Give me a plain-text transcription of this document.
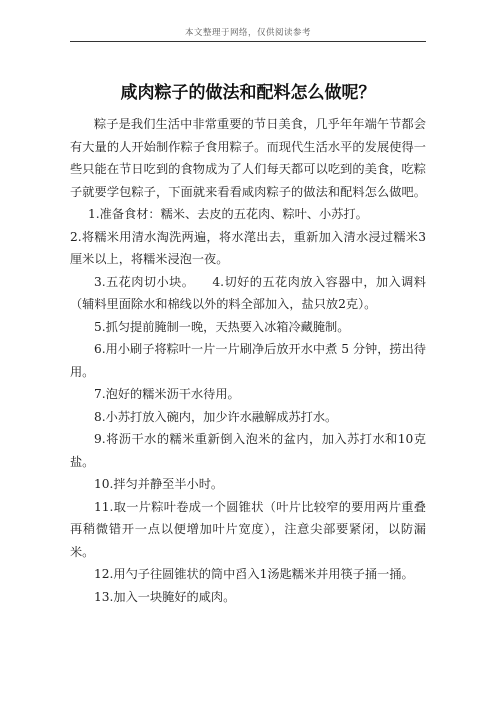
本文整理于网络，仅供阅读参考
咸肉粽子的做法和配料怎么做呢？

粽子是我们生活中非常重要的节日美食，几乎年年端午节都会有大量的人开始制作粽子食用粽子。而现代生活水平的发展使得一些只能在节日吃到的食物成为了人们每天都可以吃到的美食，吃粽子就要学包粽子，下面就来看看咸肉粽子的做法和配料怎么做吧。1.准备食材：糯米、去皮的五花肉、粽叶、小苏打。

2.将糯米用清水淘洗两遍，将水滗出去，重新加入清水浸过糯米3厘米以上，将糯米浸泡一夜。

3.五花肉切小块。 4.切好的五花肉放入容器中，加入调料（辅料里面除水和棉线以外的料全部加入，盐只放2克）。

5.抓匀提前腌制一晚，天热要入冰箱冷藏腌制。

6.用小刷子将粽叶一片一片刷净后放开水中煮 5 分钟，捞出待用。

7.泡好的糯米沥干水待用。

8.小苏打放入碗内，加少许水融解成苏打水。

9.将沥干水的糯米重新倒入泡米的盆内，加入苏打水和10克盐。

10.拌匀并静至半小时。

11.取一片粽叶卷成一个圆锥状（叶片比较窄的要用两片重叠再稍微错开一点以便增加叶片宽度），注意尖部要紧闭，以防漏米。

12.用勺子往圆锥状的筒中舀入1汤匙糯米并用筷子捅一捅。

13.加入一块腌好的咸肉。
